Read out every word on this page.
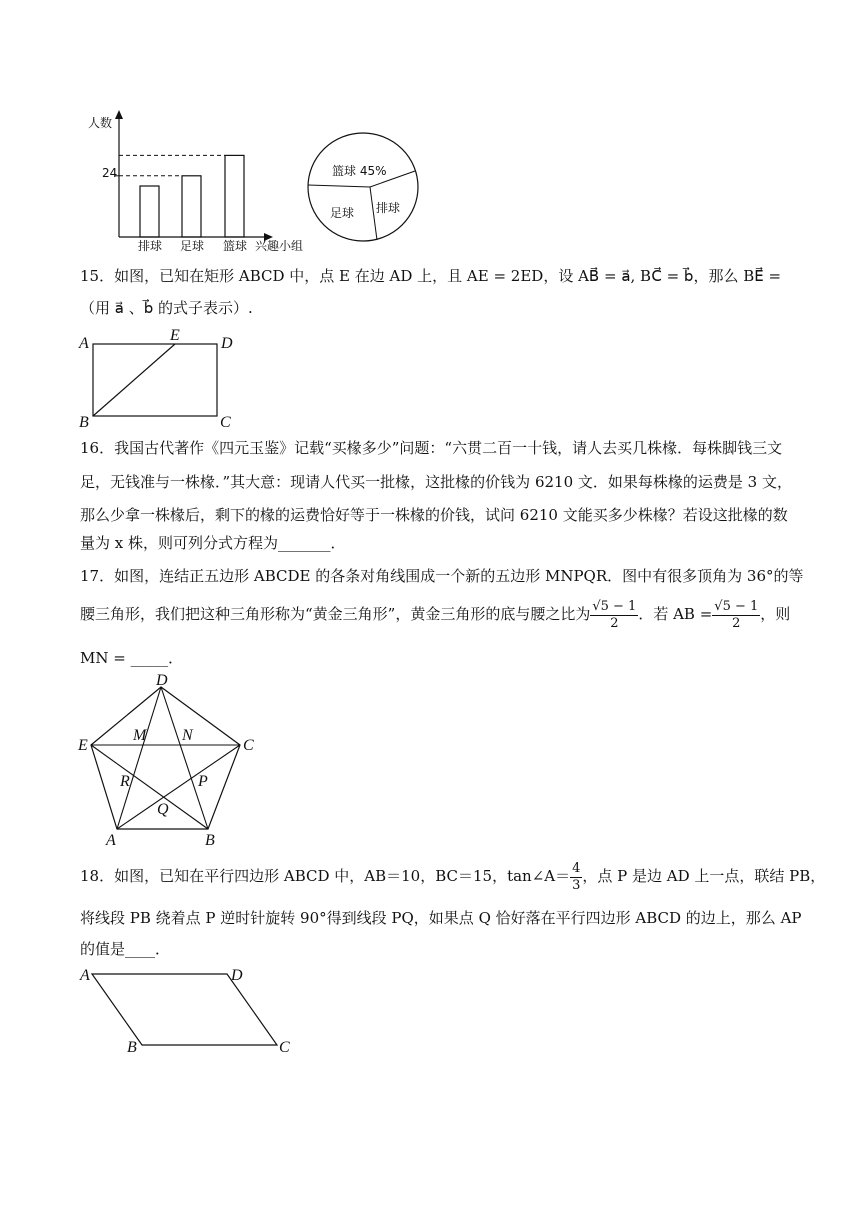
人数
24
排球 足球 篮球 兴趣小组
篮球 45%
排球
足球
15．如图，已知在矩形 ABCD 中，点 E 在边 AD 上，且 AE = 2ED，设 AB⃗ = a⃗, BC⃗ = b⃗，那么 BE⃗ =
（用 a⃗ 、b⃗ 的式子表示）.
A	E	D
B	C
16．我国古代著作《四元玉鉴》记载“买椽多少”问题：“六贯二百一十钱，请人去买几株椽．每株脚钱三文
足，无钱准与一株椽．”其大意：现请人代买一批椽，这批椽的价钱为 6210 文．如果每株椽的运费是 3 文，
那么少拿一株椽后，剩下的椽的运费恰好等于一株椽的价钱，试问 6210 文能买多少株椽？若设这批椽的数
量为 x 株，则可列分式方程为_______．
17．如图，连结正五边形 ABCDE 的各条对角线围成一个新的五边形 MNPQR．图中有很多顶角为 36°的等
腰三角形，我们把这种三角形称为“黄金三角形”，黄金三角形的底与腰之比为 $\frac{√5 - 1}{2}$ ．若 AB = $\frac{√5 - 1}{2}$ ，则
MN = _____．
D
E	C
M N
R	P
Q
A	B
18．如图，已知在平行四边形 ABCD 中，AB＝10，BC＝15，tan∠A＝ $\frac{4}{3}$ ，点 P 是边 AD 上一点，联结 PB，
将线段 PB 绕着点 P 逆时针旋转 90°得到线段 PQ，如果点 Q 恰好落在平行四边形 ABCD 的边上，那么 AP
的值是____．
A	D
B	C
